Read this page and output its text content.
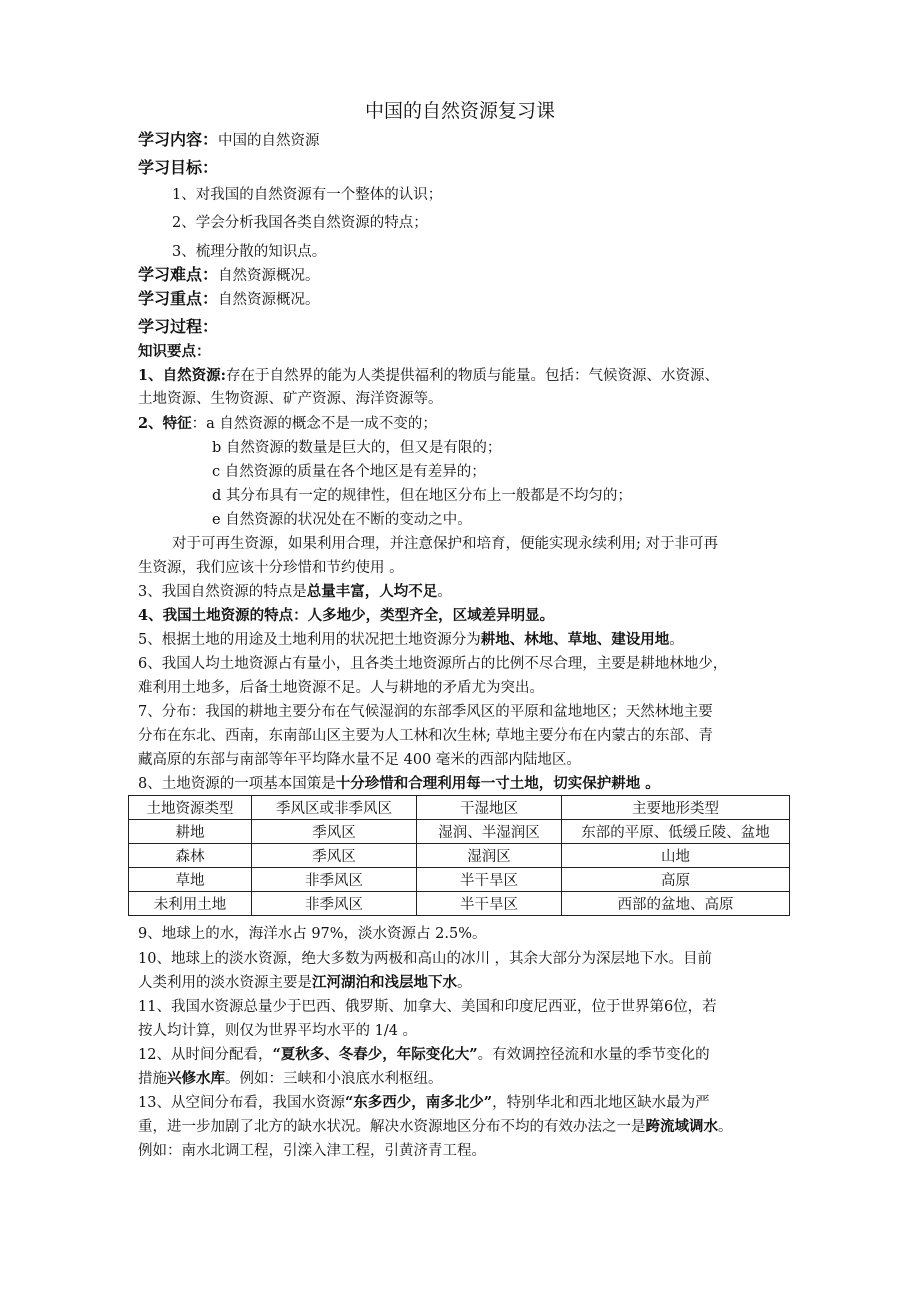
中国的自然资源复习课
学习内容：中国的自然资源
学习目标：
1、对我国的自然资源有一个整体的认识；
2、学会分析我国各类自然资源的特点；
3、梳理分散的知识点。
学习难点：自然资源概况。
学习重点：自然资源概况。
学习过程：
知识要点：
1、自然资源:存在于自然界的能为人类提供福利的物质与能量。包括：气候资源、水资源、
土地资源、生物资源、矿产资源、海洋资源等。
2、特征：a 自然资源的概念不是一成不变的；
b 自然资源的数量是巨大的，但又是有限的；
c 自然资源的质量在各个地区是有差异的；
d 其分布具有一定的规律性，但在地区分布上一般都是不均匀的；
e 自然资源的状况处在不断的变动之中。
对于可再生资源，如果利用合理，并注意保护和培育，便能实现永续利用; 对于非可再
生资源，我们应该十分珍惜和节约使用 。
3、我国自然资源的特点是总量丰富，人均不足。
4、我国土地资源的特点：人多地少，类型齐全，区域差异明显。
5、根据土地的用途及土地利用的状况把土地资源分为耕地、林地、草地、建设用地。
6、我国人均土地资源占有量小，且各类土地资源所占的比例不尽合理，主要是耕地林地少，
难利用土地多，后备土地资源不足。人与耕地的矛盾尤为突出。
7、分布：我国的耕地主要分布在气候湿润的东部季风区的平原和盆地地区；天然林地主要
分布在东北、西南，东南部山区主要为人工林和次生林; 草地主要分布在内蒙古的东部、青
藏高原的东部与南部等年平均降水量不足 400 毫米的西部内陆地区。
8、土地资源的一项基本国策是十分珍惜和合理利用每一寸土地，切实保护耕地 。
土地资源类型	季风区或非季风区	干湿地区	主要地形类型
耕地	季风区	湿润、半湿润区	东部的平原、低缓丘陵、盆地
森林	季风区	湿润区	山地
草地	非季风区	半干旱区	高原
未利用土地	非季风区	半干旱区	西部的盆地、高原
9、地球上的水，海洋水占 97%，淡水资源占 2.5%。
10、地球上的淡水资源，绝大多数为两极和高山的冰川 ，其余大部分为深层地下水。目前
人类利用的淡水资源主要是江河湖泊和浅层地下水。
11、我国水资源总量少于巴西、俄罗斯、加拿大、美国和印度尼西亚，位于世界第6位，若
按人均计算，则仅为世界平均水平的 1/4 。
12、从时间分配看，“夏秋多、冬春少，年际变化大”。有效调控径流和水量的季节变化的
措施兴修水库。例如：三峡和小浪底水利枢纽。
13、从空间分布看，我国水资源“东多西少，南多北少”，特别华北和西北地区缺水最为严
重，进一步加剧了北方的缺水状况。解决水资源地区分布不均的有效办法之一是跨流域调水。
例如：南水北调工程，引滦入津工程，引黄济青工程。
